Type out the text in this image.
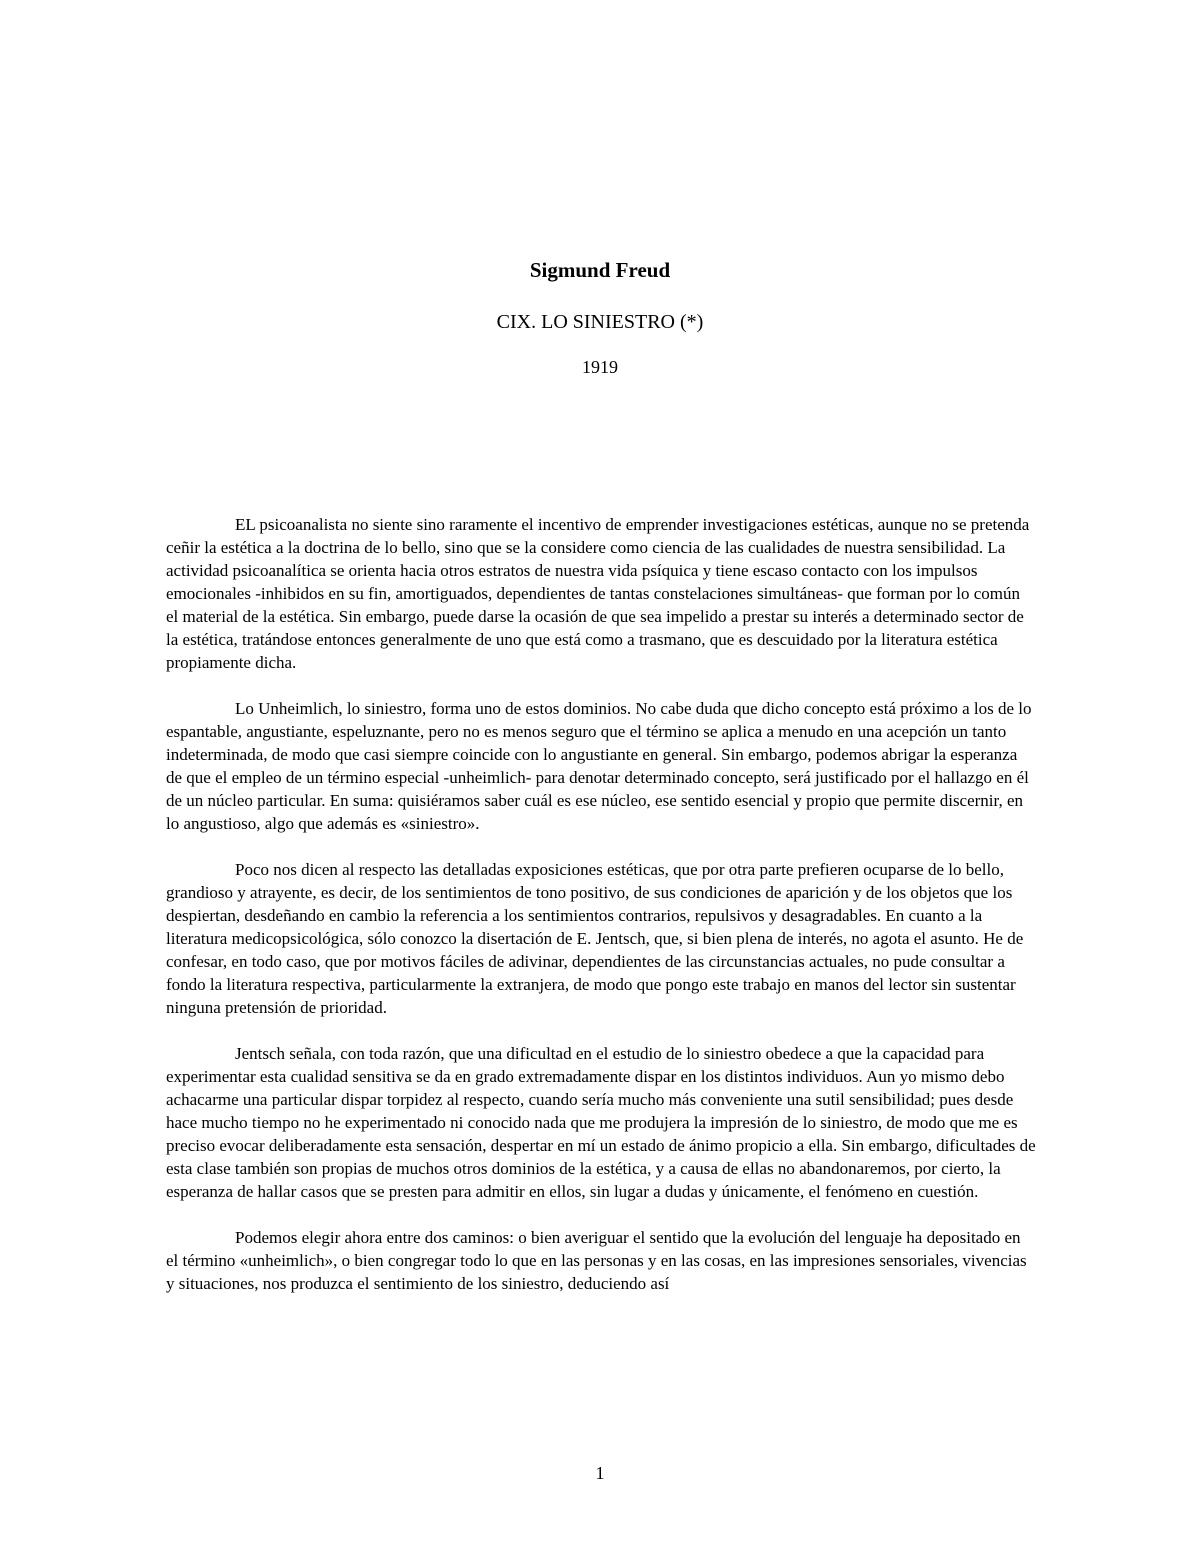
Sigmund Freud
CIX. LO SINIESTRO (*)
1919

EL psicoanalista no siente sino raramente el incentivo de emprender investigaciones estéticas, aunque no se pretenda ceñir la estética a la doctrina de lo bello, sino que se la considere como ciencia de las cualidades de nuestra sensibilidad. La actividad psicoanalítica se orienta hacia otros estratos de nuestra vida psíquica y tiene escaso contacto con los impulsos emocionales -inhibidos en su fin, amortiguados, dependientes de tantas constelaciones simultáneas- que forman por lo común el material de la estética. Sin embargo, puede darse la ocasión de que sea impelido a prestar su interés a determinado sector de la estética, tratándose entonces generalmente de uno que está como a trasmano, que es descuidado por la literatura estética propiamente dicha.

Lo Unheimlich, lo siniestro, forma uno de estos dominios. No cabe duda que dicho concepto está próximo a los de lo espantable, angustiante, espeluznante, pero no es menos seguro que el término se aplica a menudo en una acepción un tanto indeterminada, de modo que casi siempre coincide con lo angustiante en general. Sin embargo, podemos abrigar la esperanza de que el empleo de un término especial -unheimlich- para denotar determinado concepto, será justificado por el hallazgo en él de un núcleo particular. En suma: quisiéramos saber cuál es ese núcleo, ese sentido esencial y propio que permite discernir, en lo angustioso, algo que además es «siniestro».

Poco nos dicen al respecto las detalladas exposiciones estéticas, que por otra parte prefieren ocuparse de lo bello, grandioso y atrayente, es decir, de los sentimientos de tono positivo, de sus condiciones de aparición y de los objetos que los despiertan, desdeñando en cambio la referencia a los sentimientos contrarios, repulsivos y desagradables. En cuanto a la literatura medicopsicológica, sólo conozco la disertación de E. Jentsch, que, si bien plena de interés, no agota el asunto. He de confesar, en todo caso, que por motivos fáciles de adivinar, dependientes de las circunstancias actuales, no pude consultar a fondo la literatura respectiva, particularmente la extranjera, de modo que pongo este trabajo en manos del lector sin sustentar ninguna pretensión de prioridad.

Jentsch señala, con toda razón, que una dificultad en el estudio de lo siniestro obedece a que la capacidad para experimentar esta cualidad sensitiva se da en grado extremadamente dispar en los distintos individuos. Aun yo mismo debo achacarme una particular dispar torpidez al respecto, cuando sería mucho más conveniente una sutil sensibilidad; pues desde hace mucho tiempo no he experimentado ni conocido nada que me produjera la impresión de lo siniestro, de modo que me es preciso evocar deliberadamente esta sensación, despertar en mí un estado de ánimo propicio a ella. Sin embargo, dificultades de esta clase también son propias de muchos otros dominios de la estética, y a causa de ellas no abandonaremos, por cierto, la esperanza de hallar casos que se presten para admitir en ellos, sin lugar a dudas y únicamente, el fenómeno en cuestión.

Podemos elegir ahora entre dos caminos: o bien averiguar el sentido que la evolución del lenguaje ha depositado en el término «unheimlich», o bien congregar todo lo que en las personas y en las cosas, en las impresiones sensoriales, vivencias y situaciones, nos produzca el sentimiento de los siniestro, deduciendo así

1
